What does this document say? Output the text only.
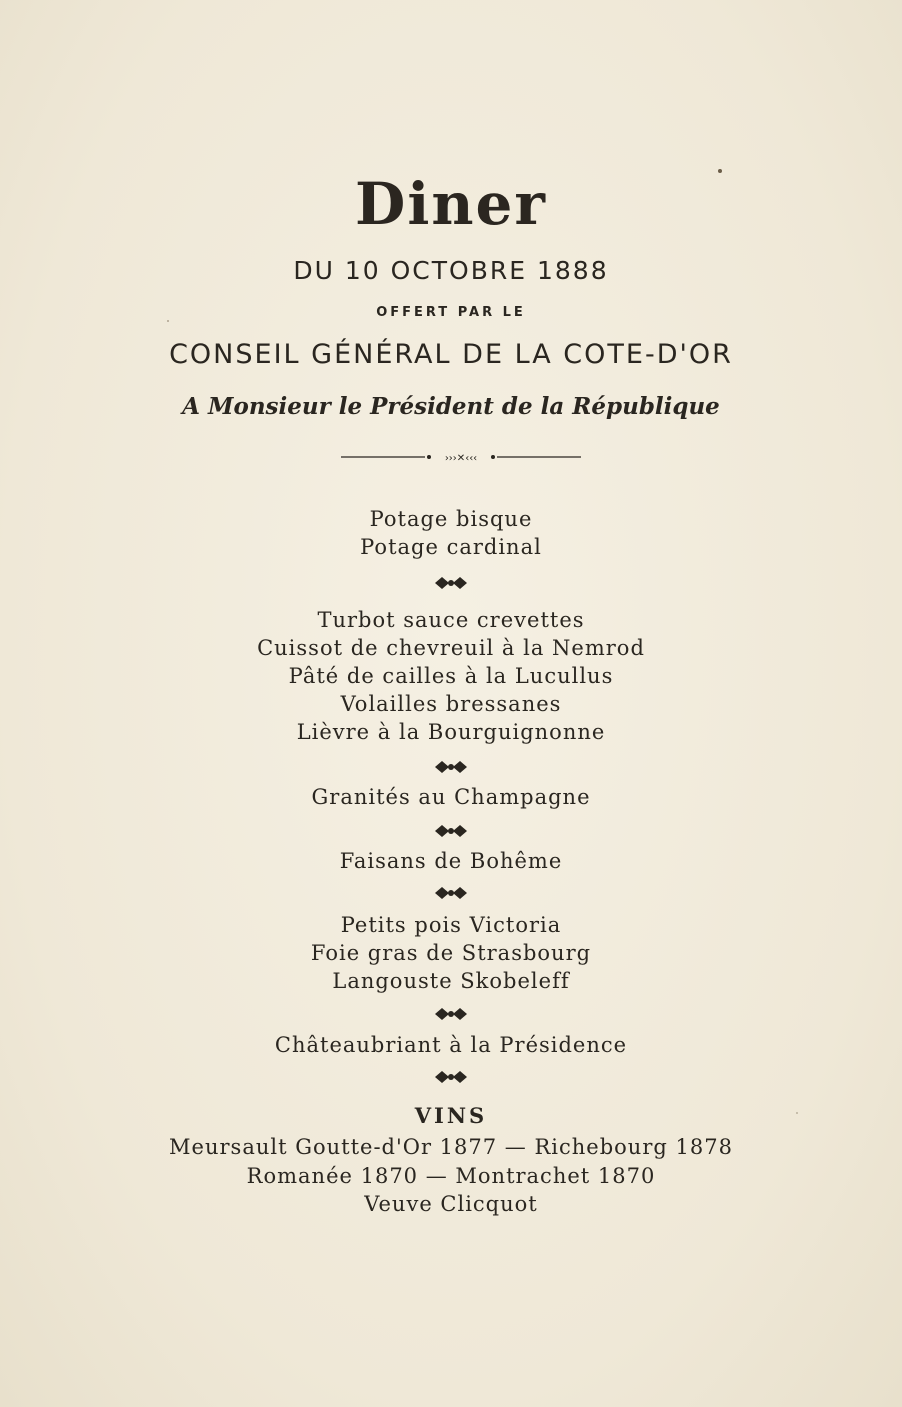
Diner
DU 10 OCTOBRE 1888
OFFERT PAR LE
CONSEIL GÉNÉRAL DE LA COTE-D'OR
A Monsieur le Président de la République
›››✕‹‹‹
Potage bisque
Potage cardinal
Turbot sauce crevettes
Cuissot de chevreuil à la Nemrod
Pâté de cailles à la Lucullus
Volailles bressanes
Lièvre à la Bourguignonne
Granités au Champagne
Faisans de Bohême
Petits pois Victoria
Foie gras de Strasbourg
Langouste Skobeleff
Châteaubriant à la Présidence
VINS
Meursault Goutte-d'Or 1877 — Richebourg 1878
Romanée 1870 — Montrachet 1870
Veuve Clicquot
